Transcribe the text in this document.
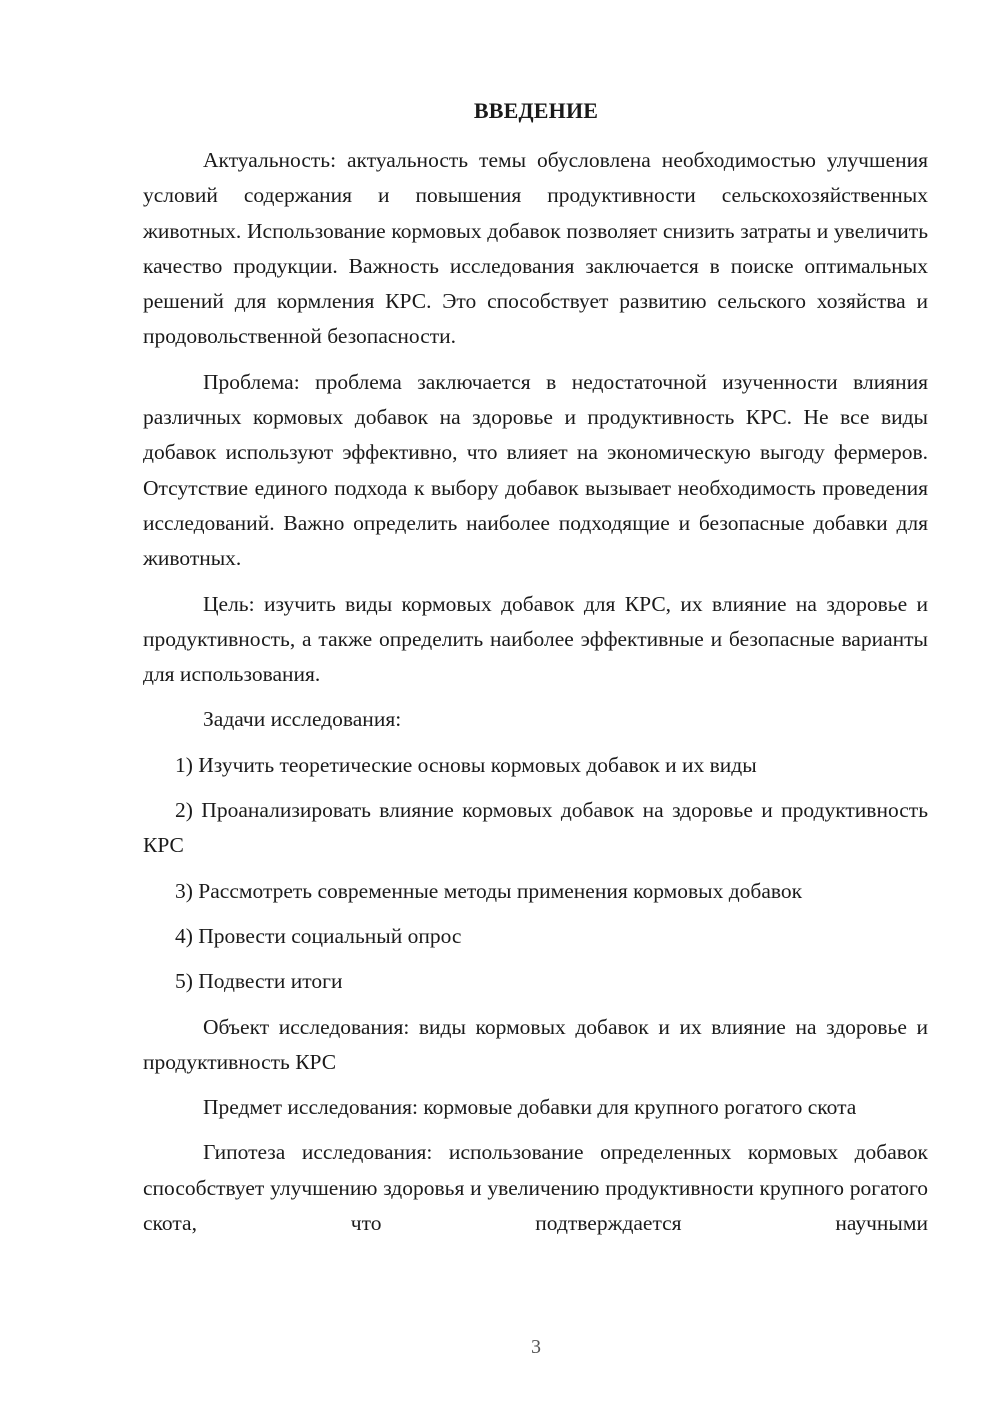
ВВЕДЕНИЕ

Актуальность: актуальность темы обусловлена необходимостью улучшения условий содержания и повышения продуктивности сельскохозяйственных животных. Использование кормовых добавок позволяет снизить затраты и увеличить качество продукции. Важность исследования заключается в поиске оптимальных решений для кормления КРС. Это способствует развитию сельского хозяйства и продовольственной безопасности.

Проблема: проблема заключается в недостаточной изученности влияния различных кормовых добавок на здоровье и продуктивность КРС. Не все виды добавок используют эффективно, что влияет на экономическую выгоду фермеров. Отсутствие единого подхода к выбору добавок вызывает необходимость проведения исследований. Важно определить наиболее подходящие и безопасные добавки для животных.

Цель: изучить виды кормовых добавок для КРС, их влияние на здоровье и продуктивность, а также определить наиболее эффективные и безопасные варианты для использования.

Задачи исследования:

1) Изучить теоретические основы кормовых добавок и их виды

2) Проанализировать влияние кормовых добавок на здоровье и продуктивность КРС

3) Рассмотреть современные методы применения кормовых добавок

4) Провести социальный опрос

5) Подвести итоги

Объект исследования: виды кормовых добавок и их влияние на здоровье и продуктивность КРС

Предмет исследования: кормовые добавки для крупного рогатого скота

Гипотеза исследования: использование определенных кормовых добавок способствует улучшению здоровья и увеличению продуктивности крупного рогатого скота, что подтверждается научными

3
